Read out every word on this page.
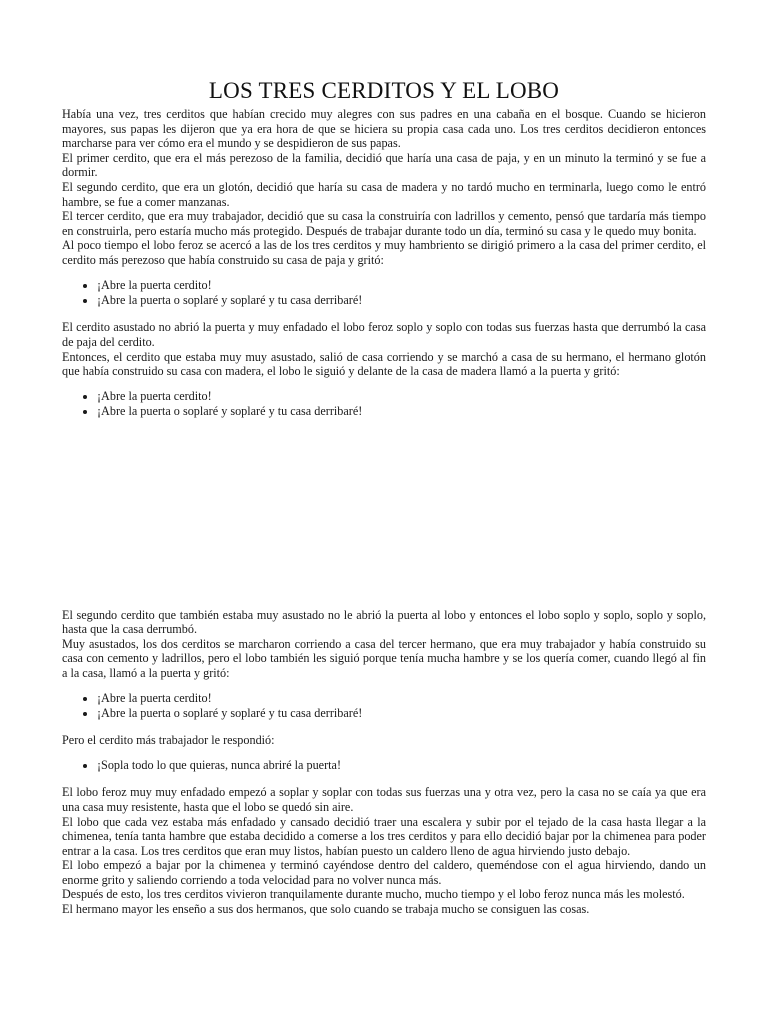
LOS TRES CERDITOS Y EL LOBO

Había una vez, tres cerditos que habían crecido muy alegres con sus padres en una cabaña en el bosque. Cuando se hicieron mayores, sus papas les dijeron que ya era hora de que se hiciera su propia casa cada uno. Los tres cerditos decidieron entonces marcharse para ver cómo era el mundo y se despidieron de sus papas.

El primer cerdito, que era el más perezoso de la familia, decidió que haría una casa de paja, y en un minuto la terminó y se fue a dormir.

El segundo cerdito, que era un glotón, decidió que haría su casa de madera y no tardó mucho en terminarla, luego como le entró hambre, se fue a comer manzanas.

El tercer cerdito, que era muy trabajador, decidió que su casa la construiría con ladrillos y cemento, pensó que tardaría más tiempo en construirla, pero estaría mucho más protegido. Después de trabajar durante todo un día, terminó su casa y le quedo muy bonita.

Al poco tiempo el lobo feroz se acercó a las de los tres cerditos y muy hambriento se dirigió primero a la casa del primer cerdito, el cerdito más perezoso que había construido su casa de paja y gritó:

• ¡Abre la puerta cerdito!
• ¡Abre la puerta o soplaré y soplaré y tu casa derribaré!

El cerdito asustado no abrió la puerta y muy enfadado el lobo feroz soplo y soplo con todas sus fuerzas hasta que derrumbó la casa de paja del cerdito.

Entonces, el cerdito que estaba muy muy asustado, salió de casa corriendo y se marchó a casa de su hermano, el hermano glotón que había construido su casa con madera, el lobo le siguió y delante de la casa de madera llamó a la puerta y gritó:

• ¡Abre la puerta cerdito!
• ¡Abre la puerta o soplaré y soplaré y tu casa derribaré!

El segundo cerdito que también estaba muy asustado no le abrió la puerta al lobo y entonces el lobo soplo y soplo, soplo y soplo, hasta que la casa derrumbó.

Muy asustados, los dos cerditos se marcharon corriendo a casa del tercer hermano, que era muy trabajador y había construido su casa con cemento y ladrillos, pero el lobo también les siguió porque tenía mucha hambre y se los quería comer, cuando llegó al fin a la casa, llamó a la puerta y gritó:

• ¡Abre la puerta cerdito!
• ¡Abre la puerta o soplaré y soplaré y tu casa derribaré!

Pero el cerdito más trabajador le respondió:

• ¡Sopla todo lo que quieras, nunca abriré la puerta!

El lobo feroz muy muy enfadado empezó a soplar y soplar con todas sus fuerzas una y otra vez, pero la casa no se caía ya que era una casa muy resistente, hasta que el lobo se quedó sin aire.

El lobo que cada vez estaba más enfadado y cansado decidió traer una escalera y subir por el tejado de la casa hasta llegar a la chimenea, tenía tanta hambre que estaba decidido a comerse a los tres cerditos y para ello decidió bajar por la chimenea para poder entrar a la casa. Los tres cerditos que eran muy listos, habían puesto un caldero lleno de agua hirviendo justo debajo.

El lobo empezó a bajar por la chimenea y terminó cayéndose dentro del caldero, queméndose con el agua hirviendo, dando un enorme grito y saliendo corriendo a toda velocidad para no volver nunca más.

Después de esto, los tres cerditos vivieron tranquilamente durante mucho, mucho tiempo y el lobo feroz nunca más les molestó.

El hermano mayor les enseño a sus dos hermanos, que solo cuando se trabaja mucho se consiguen las cosas.
